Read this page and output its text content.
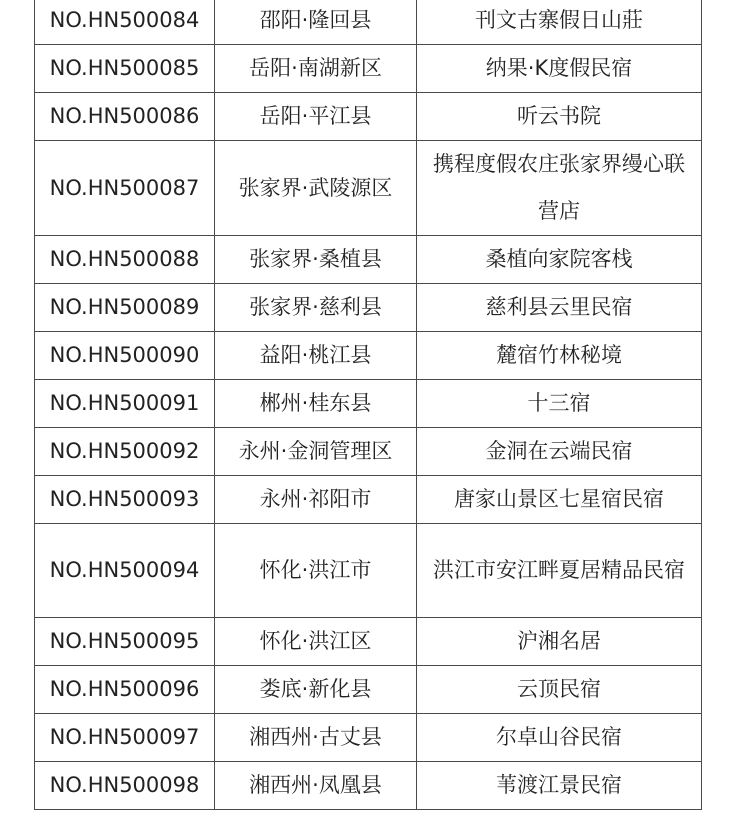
NO.HN500084	邵阳·隆回县	刊文古寨假日山莊
NO.HN500085	岳阳·南湖新区	纳果·K度假民宿
NO.HN500086	岳阳·平江县	听云书院
NO.HN500087	张家界·武陵源区	携程度假农庄张家界缦心联营店
NO.HN500088	张家界·桑植县	桑植向家院客栈
NO.HN500089	张家界·慈利县	慈利县云里民宿
NO.HN500090	益阳·桃江县	麓宿竹林秘境
NO.HN500091	郴州·桂东县	十三宿
NO.HN500092	永州·金洞管理区	金洞在云端民宿
NO.HN500093	永州·祁阳市	唐家山景区七星宿民宿
NO.HN500094	怀化·洪江市	洪江市安江畔夏居精品民宿
NO.HN500095	怀化·洪江区	沪湘名居
NO.HN500096	娄底·新化县	云顶民宿
NO.HN500097	湘西州·古丈县	尔卓山谷民宿
NO.HN500098	湘西州·凤凰县	苇渡江景民宿
